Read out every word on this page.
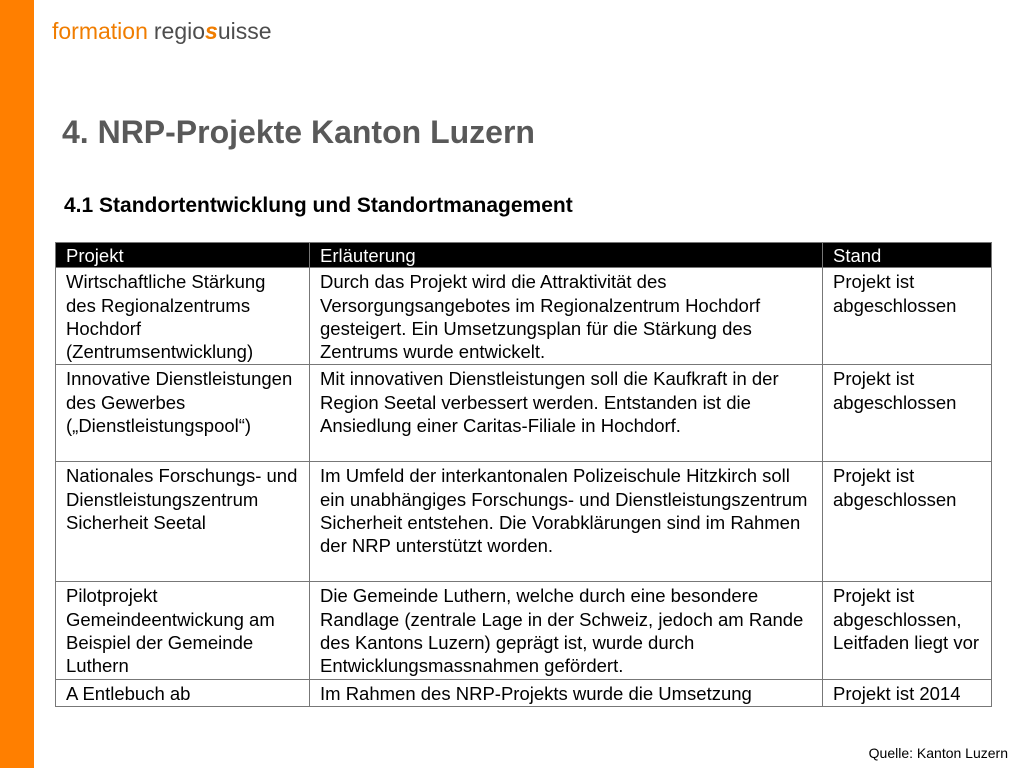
formation regiosuisse
4. NRP-Projekte Kanton Luzern
4.1 Standortentwicklung und Standortmanagement
Projekt	Erläuterung	Stand
Wirtschaftliche Stärkung des Regionalzentrums Hochdorf (Zentrumsentwicklung)	Durch das Projekt wird die Attraktivität des Versorgungsangebotes im Regionalzentrum Hochdorf gesteigert. Ein Umsetzungsplan für die Stärkung des Zentrums wurde entwickelt.	Projekt ist abgeschlossen
Innovative Dienstleistungen des Gewerbes („Dienstleistungspool“)	Mit innovativen Dienstleistungen soll die Kaufkraft in der Region Seetal verbessert werden. Entstanden ist die Ansiedlung einer Caritas-Filiale in Hochdorf.	Projekt ist abgeschlossen
Nationales Forschungs- und Dienstleistungszentrum Sicherheit Seetal	Im Umfeld der interkantonalen Polizeischule Hitzkirch soll ein unabhängiges Forschungs- und Dienstleistungszentrum Sicherheit entstehen. Die Vorabklärungen sind im Rahmen der NRP unterstützt worden.	Projekt ist abgeschlossen
Pilotprojekt Gemeindeentwickung am Beispiel der Gemeinde Luthern	Die Gemeinde Luthern, welche durch eine besondere Randlage (zentrale Lage in der Schweiz, jedoch am Rande des Kantons Luzern) geprägt ist, wurde durch Entwicklungsmassnahmen gefördert.	Projekt ist abgeschlossen, Leitfaden liegt vor
A Entlebuch ab	Im Rahmen des NRP-Projekts wurde die Umsetzung	Projekt ist 2014
Quelle: Kanton Luzern
